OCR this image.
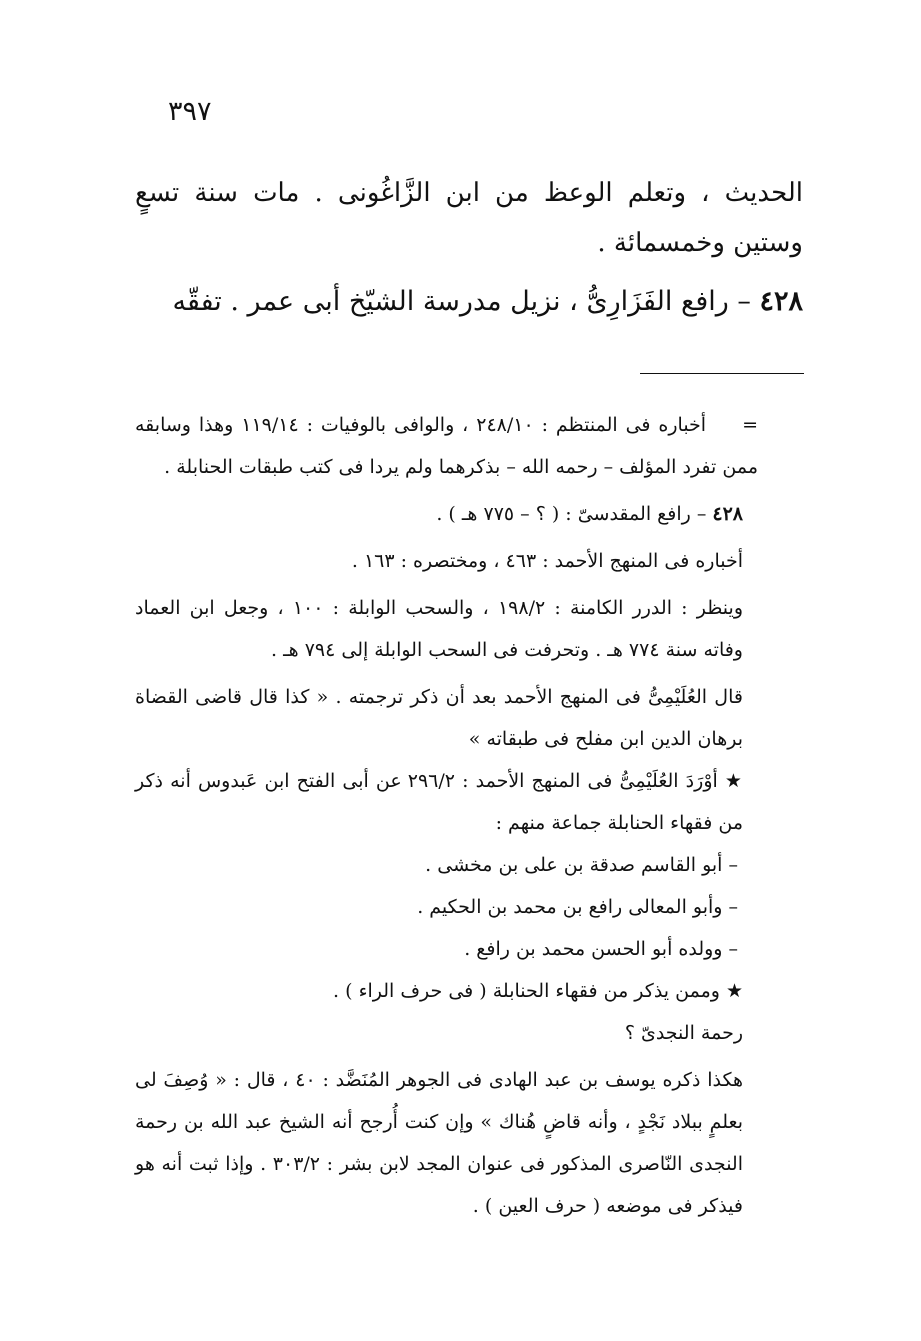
٣٩٧
الحديث ، وتعلم الوعظ من ابن الزَّاغُونى . مات سنة تسعٍ وستين وخمسمائة .
٤٢٨ – رافع الفَزَارِىُّ ، نزيل مدرسة الشيّخ أبى عمر . تفقّه

=أخباره فى المنتظم : ٢٤٨/١٠ ، والوافى بالوفيات : ١١٩/١٤ وهذا وسابقه ممن تفرد المؤلف – رحمه الله – بذكرهما ولم يردا فى كتب طبقات الحنابلة .

٤٢٨ – رافع المقدسىّ : ( ؟ – ٧٧٥ هـ ) .

أخباره فى المنهج الأحمد : ٤٦٣ ، ومختصره : ١٦٣ .

وينظر : الدرر الكامنة : ١٩٨/٢ ، والسحب الوابلة : ١٠٠ ، وجعل ابن العماد وفاته سنة ٧٧٤ هـ . وتحرفت فى السحب الوابلة إلى ٧٩٤ هـ .

قال العُلَيْمِىُّ فى المنهج الأحمد بعد أن ذكر ترجمته . « كذا قال قاضى القضاة برهان الدين ابن مفلح فى طبقاته »

★ أوْرَدَ العُلَيْمِىُّ فى المنهج الأحمد : ٢٩٦/٢ عن أبى الفتح ابن عَبدوس أنه ذكر من فقهاء الحنابلة جماعة منهم :

– أبو القاسم صدقة بن على بن مخشى .

– وأبو المعالى رافع بن محمد بن الحكيم .

– وولده أبو الحسن محمد بن رافع .

★ وممن يذكر من فقهاء الحنابلة ( فى حرف الراء ) .

رحمة النجدىّ ؟

هكذا ذكره يوسف بن عبد الهادى فى الجوهر المُنَضَّد : ٤٠ ، قال : « وُصِفَ لى بعلمٍ ببلاد نَجْدٍ ، وأنه قاضٍ هُناك » وإن كنت أُرجح أنه الشيخ عبد الله بن رحمة النجدى النّاصرى المذكور فى عنوان المجد لابن بشر : ٣٠٣/٢ . وإذا ثبت أنه هو فيذكر فى موضعه ( حرف العين ) .
